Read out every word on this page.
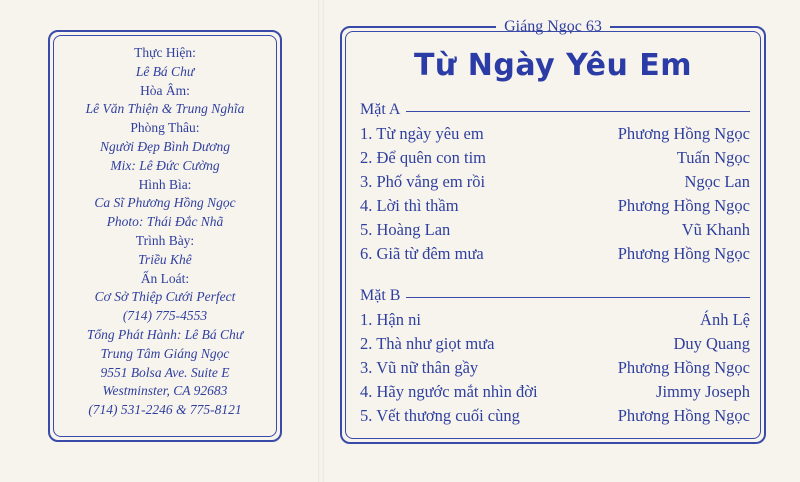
Thực Hiện:
Lê Bá Chư
Hòa Âm:
Lê Văn Thiện & Trung Nghĩa
Phòng Thâu:
Người Đẹp Bình Dương
Mix: Lê Đức Cường
Hình Bìa:
Ca Sĩ Phương Hồng Ngọc
Photo: Thái Đắc Nhã
Trình Bày:
Triều Khê
Ấn Loát:
Cơ Sở Thiệp Cưới Perfect
(714) 775-4553
Tổng Phát Hành: Lê Bá Chư
Trung Tâm Giáng Ngọc
9551 Bolsa Ave. Suite E
Westminster, CA 92683
(714) 531-2246 & 775-8121
Giáng Ngọc 63
Từ Ngày Yêu Em
Mặt A
1. Từ ngày yêu em	Phương Hồng Ngọc
2. Để quên con tim	Tuấn Ngọc
3. Phố vắng em rồi	Ngọc Lan
4. Lời thì thầm	Phương Hồng Ngọc
5. Hoàng Lan	Vũ Khanh
6. Giã từ đêm mưa	Phương Hồng Ngọc
Mặt B
1. Hận ni	Ánh Lệ
2. Thà như giọt mưa	Duy Quang
3. Vũ nữ thân gầy	Phương Hồng Ngọc
4. Hãy ngước mắt nhìn đời	Jimmy Joseph
5. Vết thương cuối cùng	Phương Hồng Ngọc
